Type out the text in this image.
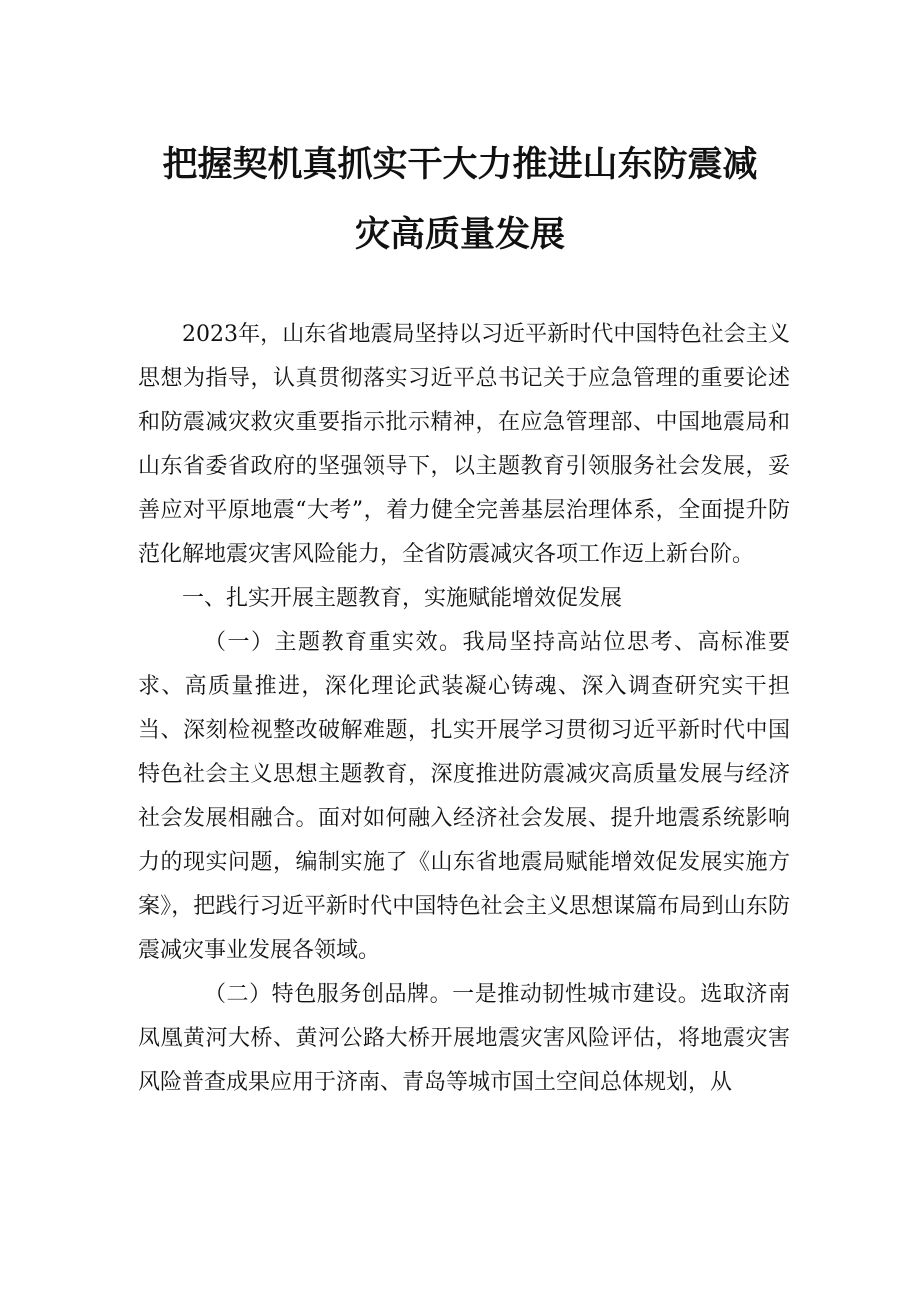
把握契机真抓实干大力推进山东防震减
灾高质量发展

2023年，山东省地震局坚持以习近平新时代中国特色社会主义思想为指导，认真贯彻落实习近平总书记关于应急管理的重要论述和防震减灾救灾重要指示批示精神，在应急管理部、中国地震局和山东省委省政府的坚强领导下，以主题教育引领服务社会发展，妥善应对平原地震“大考”，着力健全完善基层治理体系，全面提升防范化解地震灾害风险能力，全省防震减灾各项工作迈上新台阶。

一、扎实开展主题教育，实施赋能增效促发展

（一）主题教育重实效。我局坚持高站位思考、高标准要求、高质量推进，深化理论武装凝心铸魂、深入调查研究实干担当、深刻检视整改破解难题，扎实开展学习贯彻习近平新时代中国特色社会主义思想主题教育，深度推进防震减灾高质量发展与经济社会发展相融合。面对如何融入经济社会发展、提升地震系统影响力的现实问题，编制实施了《山东省地震局赋能增效促发展实施方案》，把践行习近平新时代中国特色社会主义思想谋篇布局到山东防震减灾事业发展各领域。

（二）特色服务创品牌。一是推动韧性城市建设。选取济南凤凰黄河大桥、黄河公路大桥开展地震灾害风险评估，将地震灾害风险普查成果应用于济南、青岛等城市国土空间总体规划，从
